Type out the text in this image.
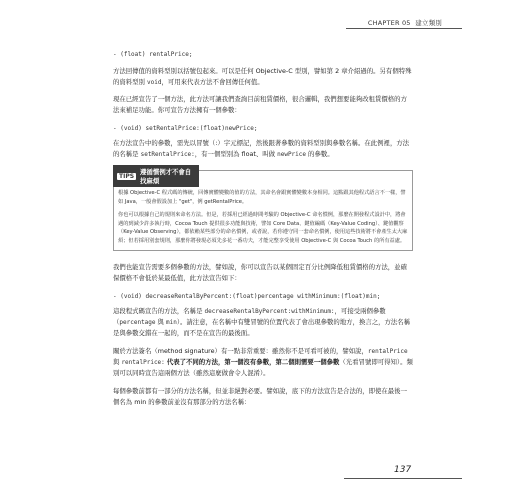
CHAPTER 05 建立類別

- (float) rentalPrice;

方法回傳值的資料型別以括號包起來。可以是任何 Objective-C 型別，譬如第 2 章介紹過的。另有個特殊的資料型別 void，可用來代表方法不會回傳任何值。

現在已經宣告了一個方法，此方法可讓我們查詢目前租賃價格，很合邏輯，我們想要能夠改租賃價格的方法來補足功能。你可宣告方法擁有一個參數：

- (void) setRentalPrice:(float)newPrice;

在方法宣告中的參數，需先以冒號（:）字元標記，然後跟著參數的資料型別與參數名稱。在此例裡，方法的名稱是 setRentalPrice:，有一個型別為 float、叫做 newPrice 的參數。

TIPS 遵循慣例才不會自找麻煩

根據 Objective-C 程式碼的傳統，回傳實體變數的值的方法，其命名會跟實體變數本身相同。這點跟其他程式語言不一樣，譬如 Java，一般會假設加上 "get"，例 getRentalPrice。

你也可以根據自己的規則來命名方法。但是，若採用已經過時間考驗的 Objective-C 命名慣例，那麼在開發程式設計中，將會遇的到減少許多執行時，Cocoa Touch 提供很多功能與技術，譬如 Core Data、鍵值編碼（Key-Value Coding）、鍵值觀察（Key-Value Observing），都依賴某些部分的命名慣例，或者說，若你遵守同一套命名慣例，使用這些技術將不會產生太大麻煩；但若採用別套規則，那麼你將發現必須先多花一番功夫，才能完整享受使用 Objective-C 與 Cocoa Touch 的所有益處。

我們也能宣告需要多個參數的方法，譬如說，你可以宣告以某個固定百分比例降低租賃價格的方法，並確保價格不會低於某最低值，此方法宣告如下：

- (void) decreaseRentalByPercent:(float)percentage withMinimum:(float)min;

這段程式碼宣告的方法，名稱是 decreaseRentalByPercent:withMinimum:，可接受兩個參數（percentage 與 min）。請注意，在名稱中有雙冒號的位置代表了會出現參數的地方，換言之，方法名稱是與參數交錯在一起的，而不是在宣告的最後面。

關於方法簽名（method signature）有一點非常重要：雖然你不是可看可被的，譬如說，rentalPrice 與 rentalPrice: 代表了不同的方法，第一個沒有參數，第二個則需要一個參數（光看冒號即可得知）。類別可以同時宣告這兩個方法（雖然這麼做會令人混淆）。

每個參數前都有一部分的方法名稱，但並非絕對必要。譬如說，底下的方法宣告是合法的，即使在最後一個名為 min 的參數前並沒有那部分的方法名稱：

137
